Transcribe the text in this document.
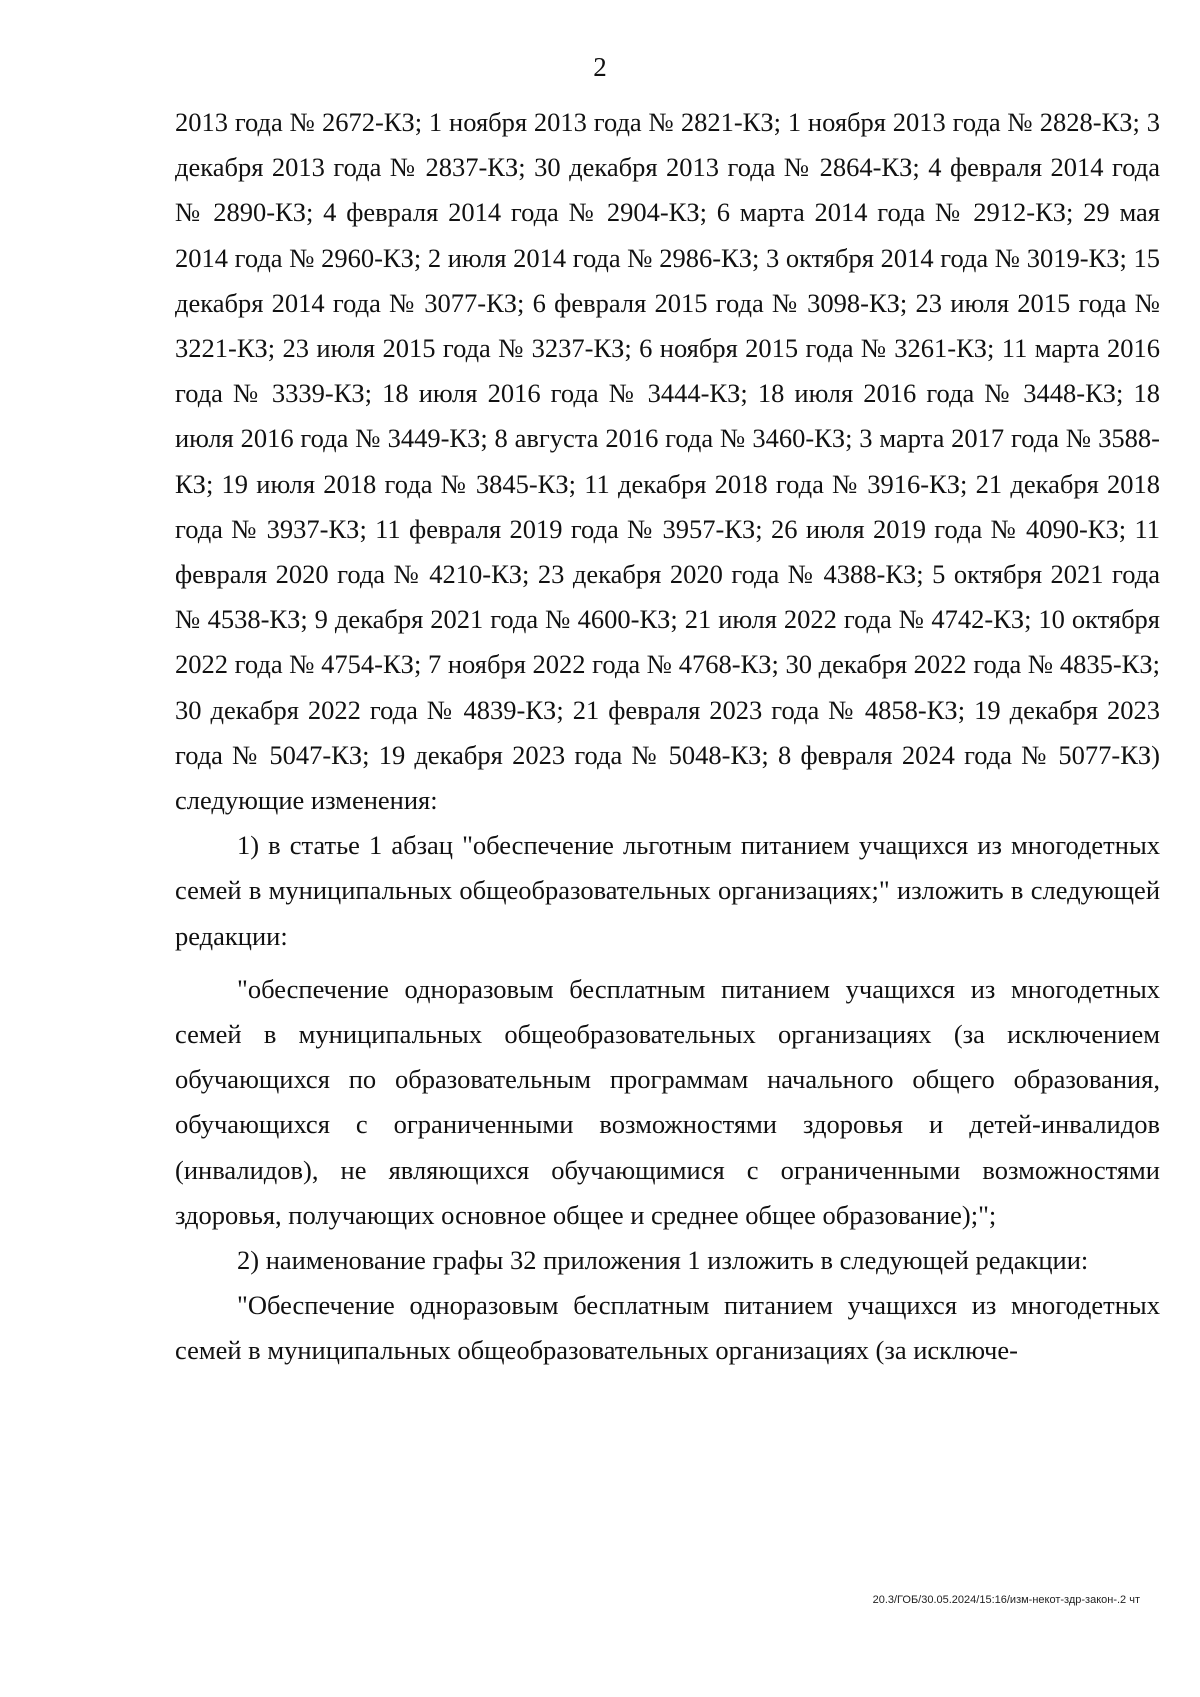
2

2013 года № 2672-КЗ; 1 ноября 2013 года № 2821-КЗ; 1 ноября 2013 года № 2828-КЗ; 3 декабря 2013 года № 2837-КЗ; 30 декабря 2013 года № 2864-КЗ; 4 февраля 2014 года № 2890-КЗ; 4 февраля 2014 года № 2904-КЗ; 6 марта 2014 года № 2912-КЗ; 29 мая 2014 года № 2960-КЗ; 2 июля 2014 года № 2986-КЗ; 3 октября 2014 года № 3019-КЗ; 15 декабря 2014 года № 3077-КЗ; 6 февраля 2015 года № 3098-КЗ; 23 июля 2015 года № 3221-КЗ; 23 июля 2015 года № 3237-КЗ; 6 ноября 2015 года № 3261-КЗ; 11 марта 2016 года № 3339-КЗ; 18 июля 2016 года № 3444-КЗ; 18 июля 2016 года № 3448-КЗ; 18 июля 2016 года № 3449-КЗ; 8 августа 2016 года № 3460-КЗ; 3 марта 2017 года № 3588-КЗ; 19 июля 2018 года № 3845-КЗ; 11 декабря 2018 года № 3916-КЗ; 21 декабря 2018 года № 3937-КЗ; 11 февраля 2019 года № 3957-КЗ; 26 июля 2019 года № 4090-КЗ; 11 февраля 2020 года № 4210-КЗ; 23 декабря 2020 года № 4388-КЗ; 5 октября 2021 года № 4538-КЗ; 9 декабря 2021 года № 4600-КЗ; 21 июля 2022 года № 4742-КЗ; 10 октября 2022 года № 4754-КЗ; 7 ноября 2022 года № 4768-КЗ; 30 декабря 2022 года № 4835-КЗ; 30 декабря 2022 года № 4839-КЗ; 21 февраля 2023 года № 4858-КЗ; 19 декабря 2023 года № 5047-КЗ; 19 декабря 2023 года № 5048-КЗ; 8 февраля 2024 года № 5077-КЗ) следующие изменения:

1) в статье 1 абзац "обеспечение льготным питанием учащихся из многодетных семей в муниципальных общеобразовательных организациях;" изложить в следующей редакции:

"обеспечение одноразовым бесплатным питанием учащихся из многодетных семей в муниципальных общеобразовательных организациях (за исключением обучающихся по образовательным программам начального общего образования, обучающихся с ограниченными возможностями здоровья и детей-инвалидов (инвалидов), не являющихся обучающимися с ограниченными возможностями здоровья, получающих основное общее и среднее общее образование);";

2) наименование графы 32 приложения 1 изложить в следующей редакции:

"Обеспечение одноразовым бесплатным питанием учащихся из многодетных семей в муниципальных общеобразовательных организациях (за исключе-

20.3/ГОБ/30.05.2024/15:16/изм-некот-здр-закон-.2 чт
